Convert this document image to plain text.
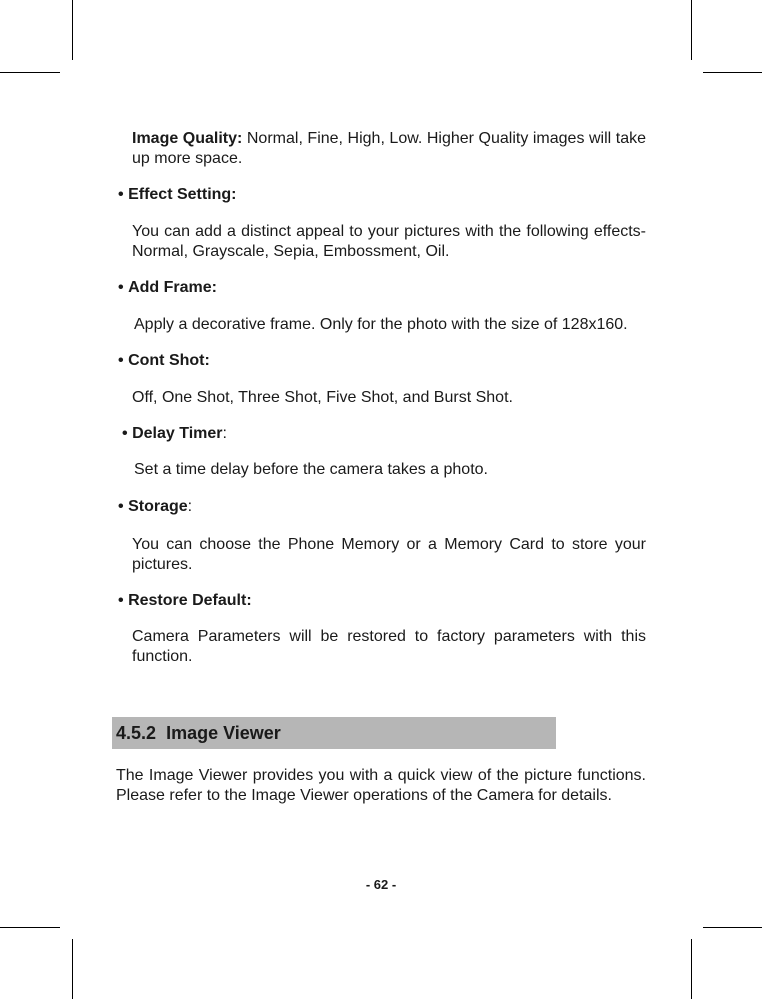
Image Quality: Normal, Fine, High, Low. Higher Quality images will take up more space.
• Effect Setting:
You can add a distinct appeal to your pictures with the following effects- Normal, Grayscale, Sepia, Embossment, Oil.
• Add Frame:
Apply a decorative frame. Only for the photo with the size of 128x160.
• Cont Shot:
Off, One Shot, Three Shot, Five Shot, and Burst Shot.
• Delay Timer:
Set a time delay before the camera takes a photo.
• Storage:
You can choose the Phone Memory or a Memory Card to store your pictures.
• Restore Default:
Camera Parameters will be restored to factory parameters with this function.
4.5.2 Image Viewer
The Image Viewer provides you with a quick view of the picture functions. Please refer to the Image Viewer operations of the Camera for details.
- 62 -
